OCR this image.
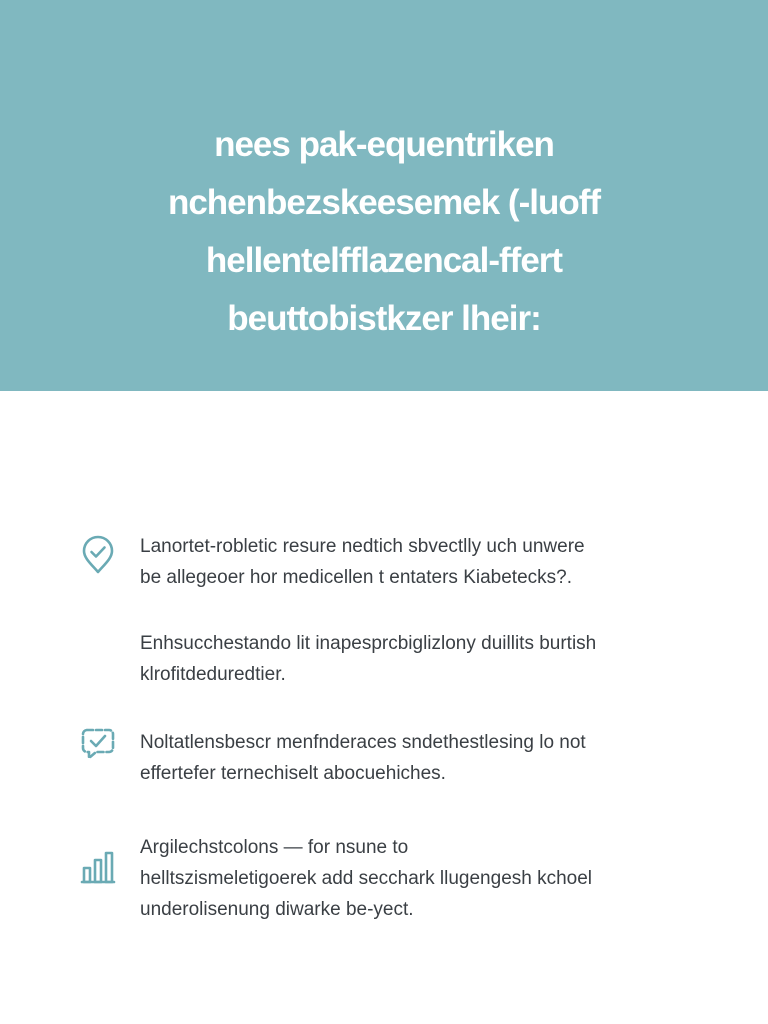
nees pak-equentriken
nchenbezskeesemek (-luoff
hellentelfflazencal-ffert
beuttobistkzer lheir:

Lanortet-robletic resure nedtich sbvectlly uch unwere
be allegeoer hor medicellen t entaters Kiabetecks?.

Enhsucchestando lit inapesprcbiglizlony duillits burtish
klrofitdeduredtier.

Noltatlensbescr menfnderaces sndethestlesing lo not
effertefer ternechiselt abocuehiches.

Argilechstcolons — for nsune to
helltszismeletigoerek add secchark llugengesh kchoel
underolisenung diwarke be-yect.
